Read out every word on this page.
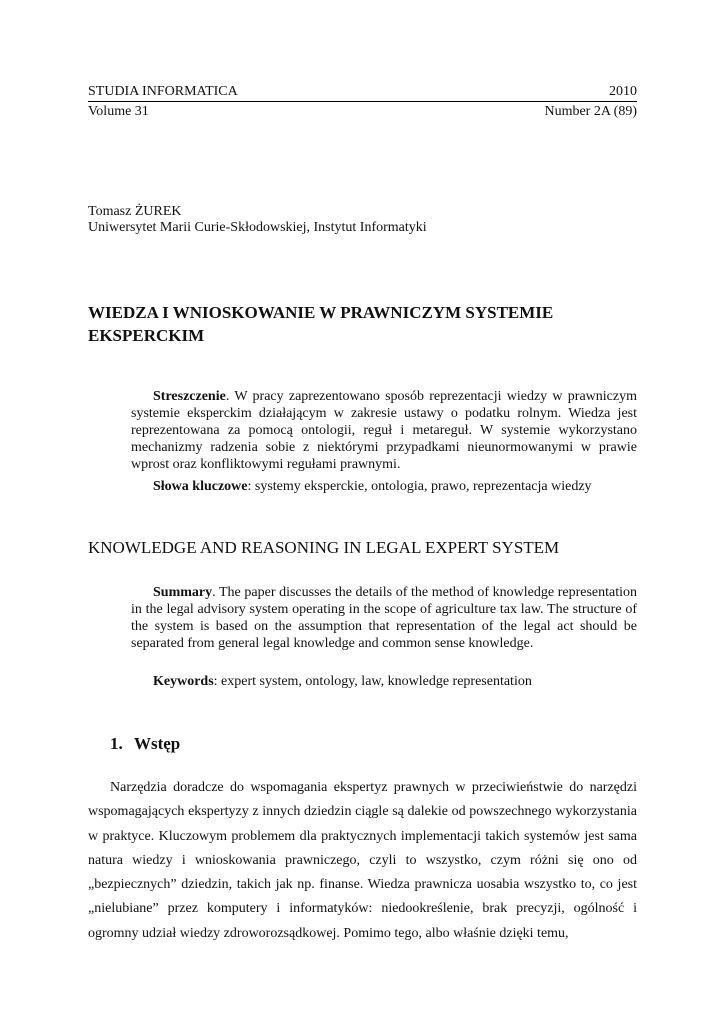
STUDIA INFORMATICA	2010
Volume 31	Number 2A (89)
Tomasz ŻUREK
Uniwersytet Marii Curie-Skłodowskiej, Instytut Informatyki
WIEDZA I WNIOSKOWANIE W PRAWNICZYM SYSTEMIE
EKSPERCKIM
Streszczenie. W pracy zaprezentowano sposób reprezentacji wiedzy w prawniczym systemie eksperckim działającym w zakresie ustawy o podatku rolnym. Wiedza jest reprezentowana za pomocą ontologii, reguł i metareguł. W systemie wykorzystano mechanizmy radzenia sobie z niektórymi przypadkami nieunormowanymi w prawie wprost oraz konfliktowymi regułami prawnymi.
Słowa kluczowe: systemy eksperckie, ontologia, prawo, reprezentacja wiedzy
KNOWLEDGE AND REASONING IN LEGAL EXPERT SYSTEM
Summary. The paper discusses the details of the method of knowledge representation in the legal advisory system operating in the scope of agriculture tax law. The structure of the system is based on the assumption that representation of the legal act should be separated from general legal knowledge and common sense knowledge.
Keywords: expert system, ontology, law, knowledge representation
1. Wstęp
Narzędzia doradcze do wspomagania ekspertyz prawnych w przeciwieństwie do narzędzi wspomagających ekspertyzy z innych dziedzin ciągle są dalekie od powszechnego wykorzystania w praktyce. Kluczowym problemem dla praktycznych implementacji takich systemów jest sama natura wiedzy i wnioskowania prawniczego, czyli to wszystko, czym różni się ono od „bezpiecznych” dziedzin, takich jak np. finanse. Wiedza prawnicza uosabia wszystko to, co jest „nielubiane” przez komputery i informatyków: niedookreślenie, brak precyzji, ogólność i ogromny udział wiedzy zdroworozsądkowej. Pomimo tego, albo właśnie dzięki temu,
